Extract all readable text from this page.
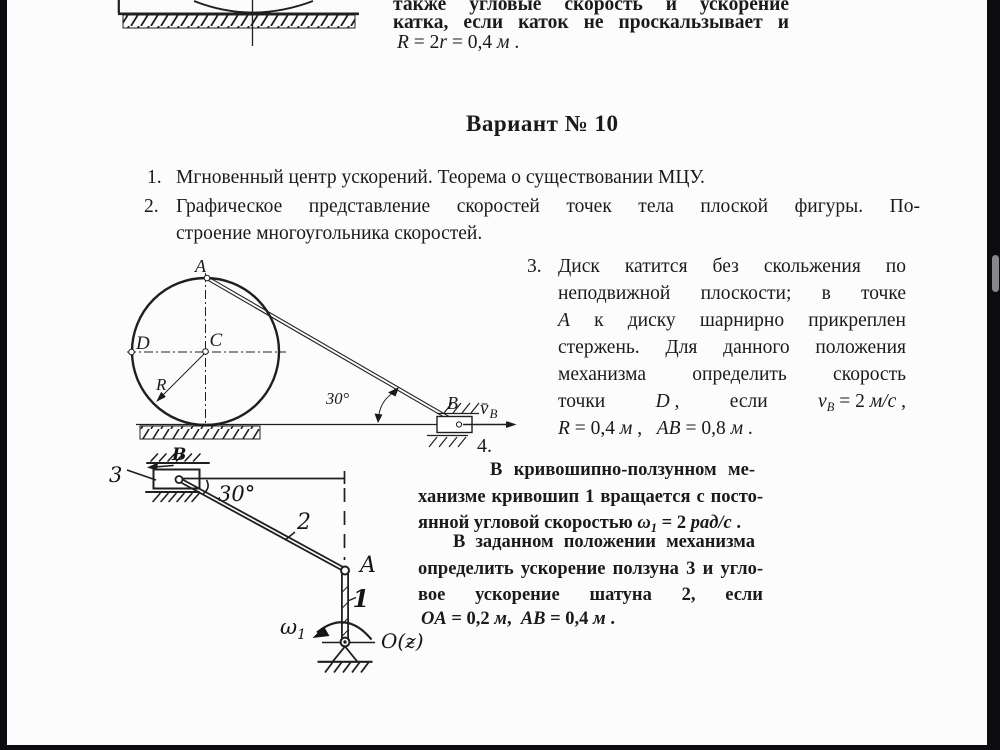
также угловые скорость и ускорение
катка, если каток не проскальзывает и
R = 2r = 0,4 м .
Вариант № 10
1. Мгновенный центр ускорений. Теорема о существовании МЦУ.
2. Графическое представление скоростей точек тела плоской фигуры. По-
строение многоугольника скоростей.
3. Диск катится без скольжения по
неподвижной плоскости; в точке
A к диску шарнирно прикреплен
стержень. Для данного положения
механизма определить скорость
точки	D ,	если	$v_B = 2$ м/с ,
R = 0,4 м ,   AB = 0,8 м .
A
D	C
R
30°	B $v̄_B$
4.
В кривошипно-ползунном ме-
ханизме кривошип 1 вращается с посто-
янной угловой скоростью $\omega_1 = 2$ рад/с .
В заданном положении механизма
определить ускорение ползуна 3 и угло-
вое ускорение шатуна 2, если
OA = 0,2 м,  AB = 0,4 м .
B
3
30°
2
A
1
ω1	O(ƶ)
